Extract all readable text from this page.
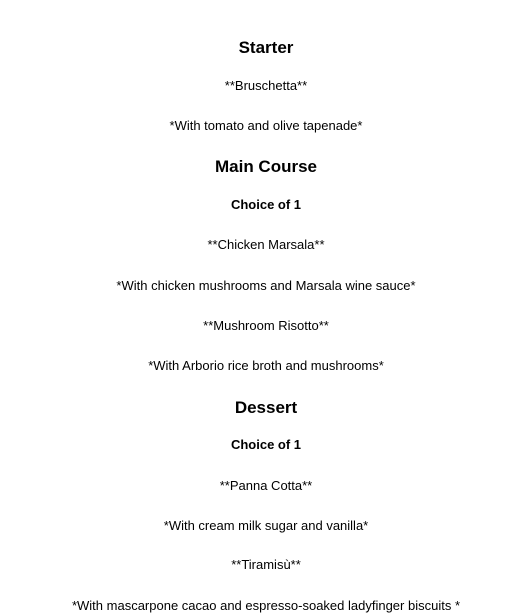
Starter
**Bruschetta**
*With tomato and olive tapenade*
Main Course
Choice of 1
**Chicken Marsala**
*With chicken mushrooms and Marsala wine sauce*
**Mushroom Risotto**
*With Arborio rice broth and mushrooms*
Dessert
Choice of 1
**Panna Cotta**
*With cream milk sugar and vanilla*
**Tiramisù**
*With mascarpone cacao and espresso-soaked ladyfinger biscuits *
